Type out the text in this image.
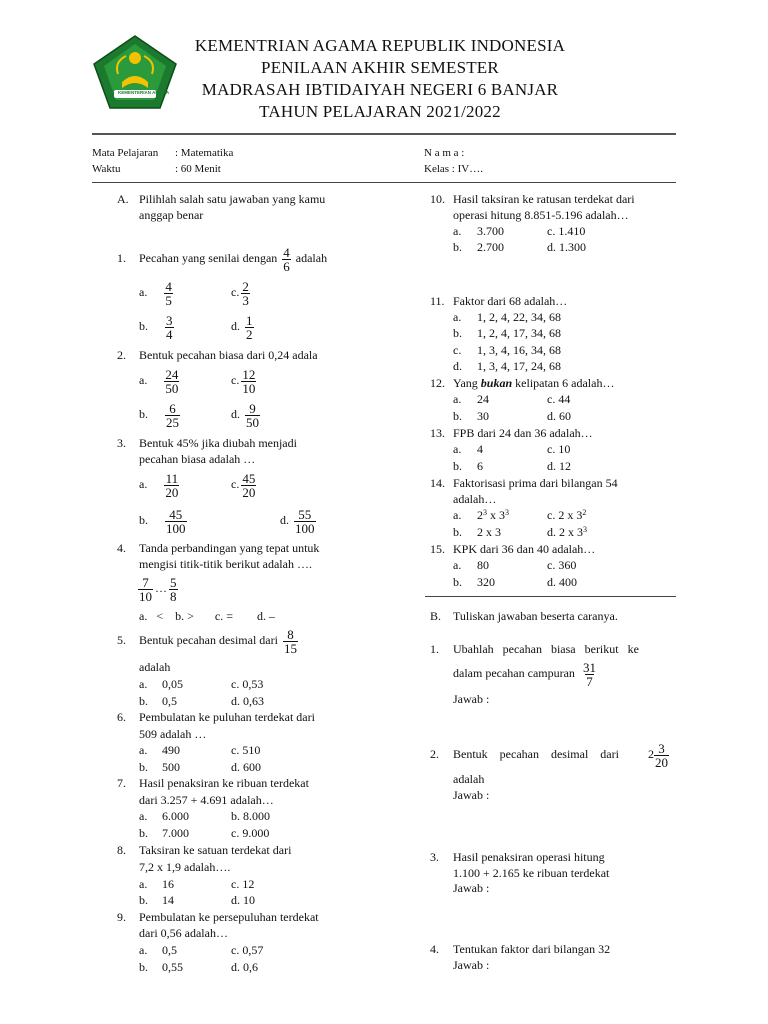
KEMENTERIAN AGAMA
KEMENTRIAN AGAMA REPUBLIK INDONESIA
PENILAAN AKHIR SEMESTER
MADRASAH IBTIDAIYAH NEGERI 6 BANJAR
TAHUN PELAJARAN 2021/2022
Mata Pelajaran : Matematika
Waktu	: 60 Menit
N a m a :
Kelas : IV….
A. Pilihlah salah satu jawaban yang kamu
anggap benar
1. Pecahan yang senilai dengan $\frac{4}{6}$ adalah
a. $\frac{4}{5}$	c. $\frac{2}{3}$
b. $\frac{3}{4}$	d. $\frac{1}{2}$
2. Bentuk pecahan biasa dari 0,24 adala
a. $\frac{24}{50}$	c. $\frac{12}{10}$
b. $\frac{6}{25}$	d. $\frac{9}{50}$
3. Bentuk 45% jika diubah menjadi
pecahan biasa adalah …
a. $\frac{11}{20}$	c. $\frac{45}{20}$
b. $\frac{45}{100}$	d. $\frac{55}{100}$
4. Tanda perbandingan yang tepat untuk
mengisi titik-titik berikut adalah ….
$\frac{7}{10}$ … $\frac{5}{8}$
a.   <    b. >       c. =        d. –
5. Bentuk pecahan desimal dari $\frac{8}{15}$
adalah
a. 0,05	c. 0,53
b. 0,5	d. 0,63
6. Pembulatan ke puluhan terdekat dari
509 adalah …
a. 490	c. 510
b. 500	d. 600
7. Hasil penaksiran ke ribuan terdekat
dari 3.257 + 4.691 adalah…
a. 6.000	b. 8.000
b. 7.000	c. 9.000
8. Taksiran ke satuan terdekat dari
7,2 x 1,9 adalah….
a. 16	c. 12
b. 14	d. 10
9. Pembulatan ke persepuluhan terdekat
dari 0,56 adalah…
a. 0,5	c. 0,57
b. 0,55	d. 0,6
10. Hasil taksiran ke ratusan terdekat dari
operasi hitung 8.851-5.196 adalah…
a. 3.700	c. 1.410
b. 2.700	d. 1.300
11. Faktor dari 68 adalah…
a. 1, 2, 4, 22, 34, 68
b. 1, 2, 4, 17, 34, 68
c. 1, 3, 4, 16, 34, 68
d. 1, 3, 4, 17, 24, 68
12. Yang bukan kelipatan 6 adalah…
a. 24	c. 44
b. 30	d. 60
13. FPB dari 24 dan 36 adalah…
a. 4	c. 10
b. 6	d. 12
14. Faktorisasi prima dari bilangan 54
adalah…
a. $2^3$ x $3^3$	c. 2 x $3^2$
b. 2 x 3	d. 2 x $3^3$
15. KPK dari 36 dan 40 adalah…
a. 80	c. 360
b. 320	d. 400
B. Tuliskan jawaban beserta caranya.
1. Ubahlah   pecahan   biasa   berikut   ke
dalam pecahan campuran $\frac{31}{7}$
Jawab :
2. Bentuk    pecahan    desimal    dari $2 \frac{3}{20}$
adalah
Jawab :
3. Hasil penaksiran operasi hitung
1.100 + 2.165 ke ribuan terdekat
Jawab :
4. Tentukan faktor dari bilangan 32
Jawab :
